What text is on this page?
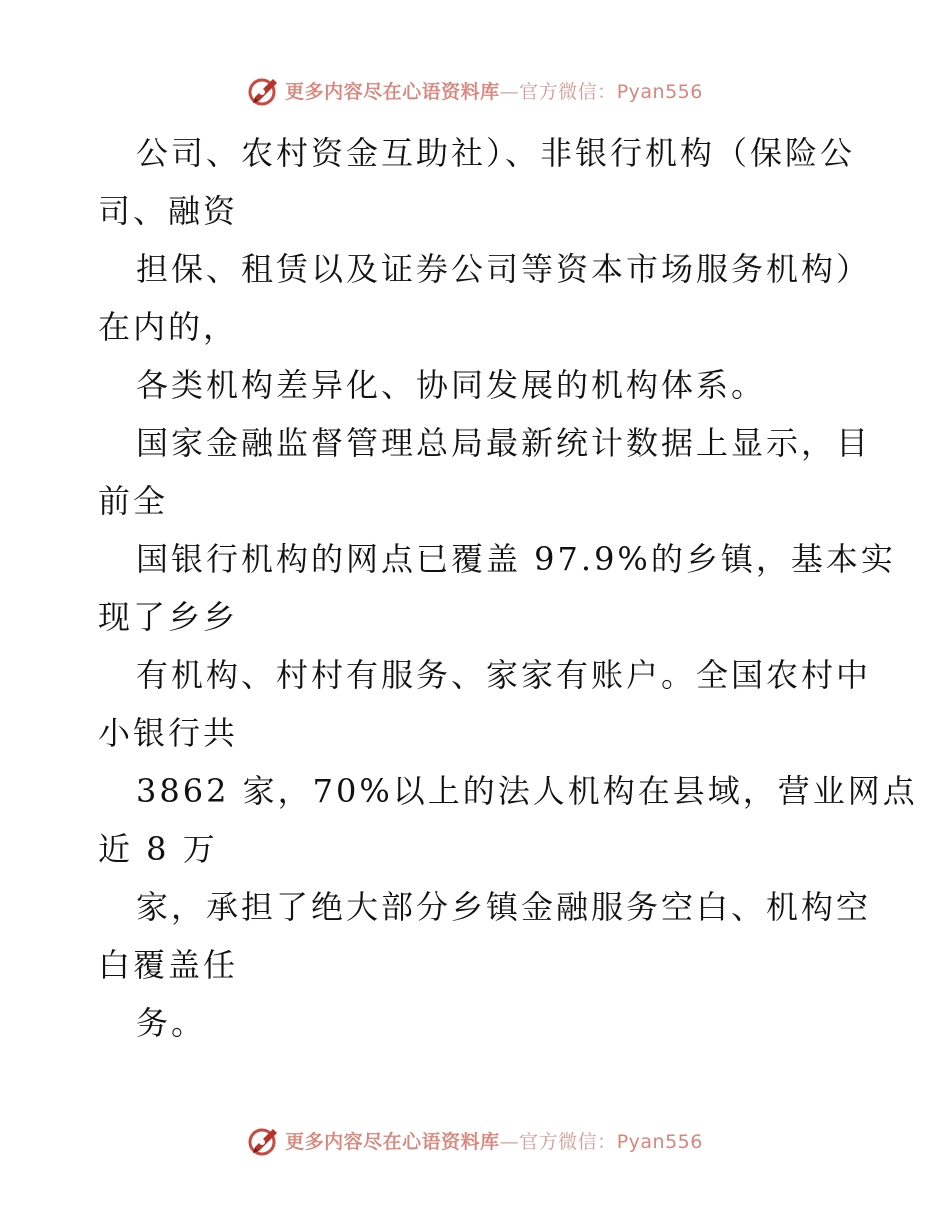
更多内容尽在心语资料库—官方微信：Pyan556
公司、农村资金互助社）、非银行机构（保险公
司、融资
担保、租赁以及证券公司等资本市场服务机构）
在内的，
各类机构差异化、协同发展的机构体系。
国家金融监督管理总局最新统计数据上显示，目
前全
国银行机构的网点已覆盖 97.9%的乡镇，基本实
现了乡乡
有机构、村村有服务、家家有账户。全国农村中
小银行共
3862 家，70%以上的法人机构在县域，营业网点
近 8 万
家，承担了绝大部分乡镇金融服务空白、机构空
白覆盖任
务。
更多内容尽在心语资料库—官方微信：Pyan556
